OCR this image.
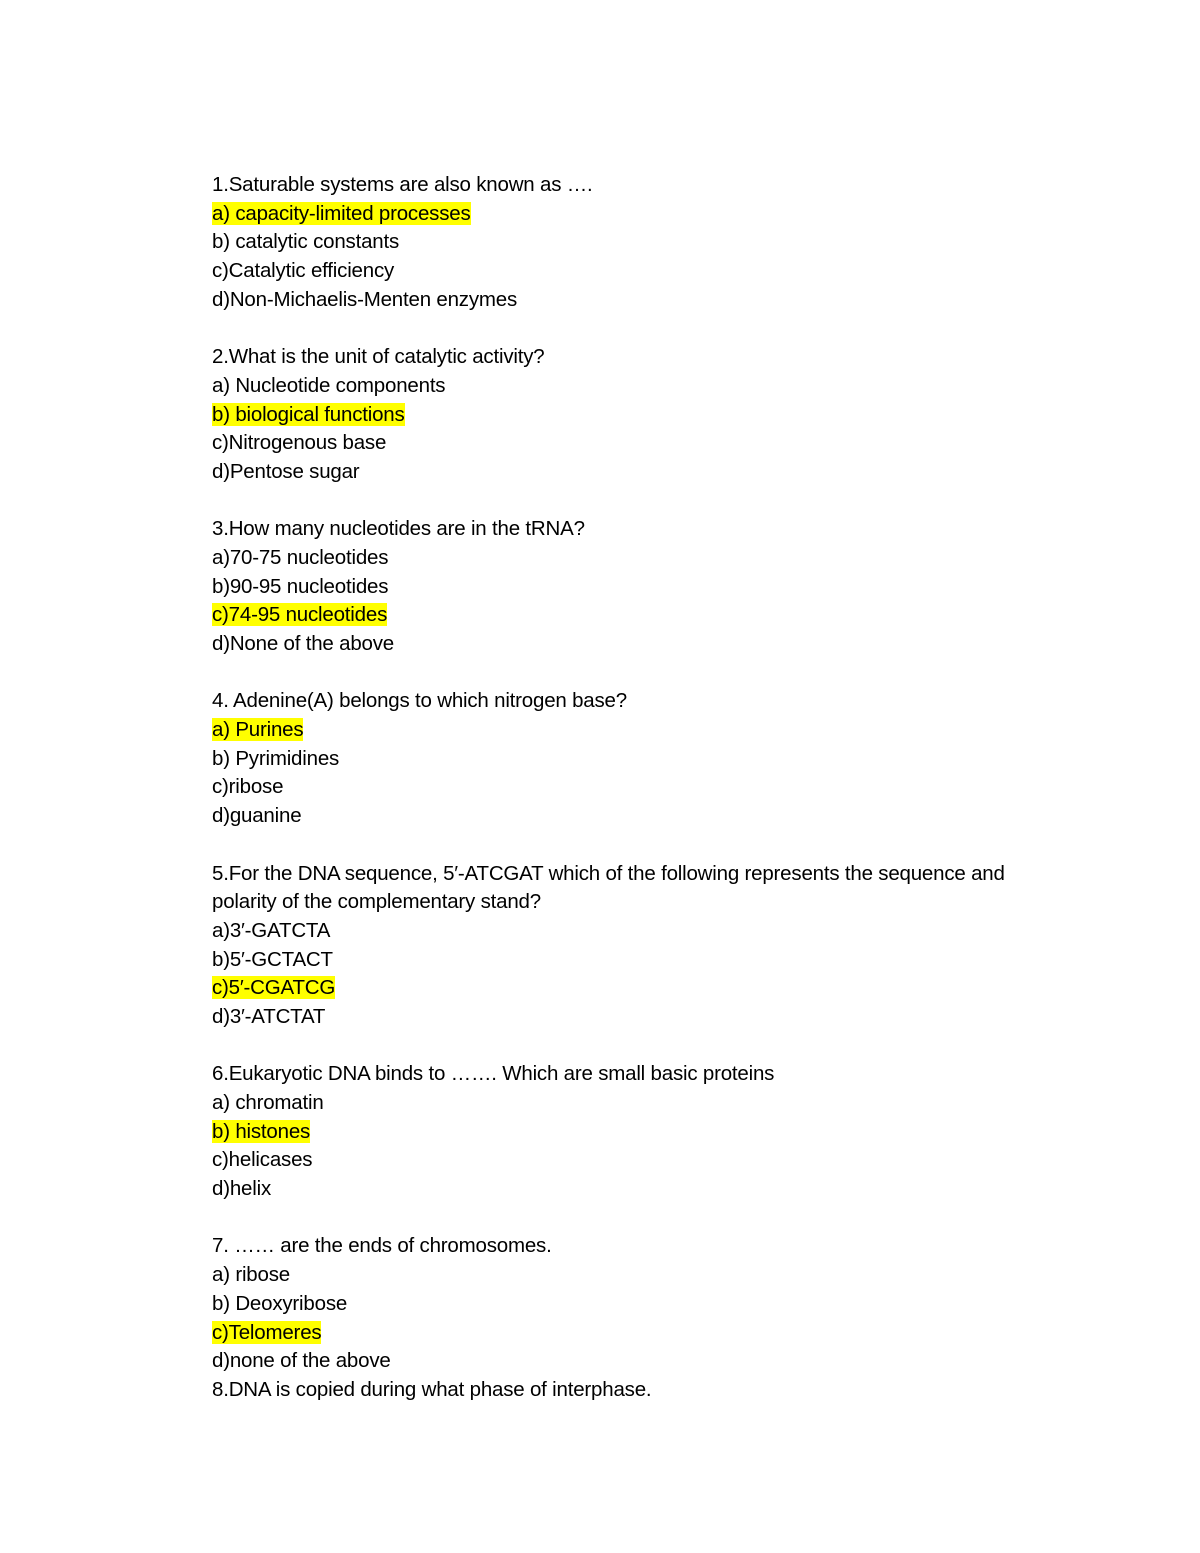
1.Saturable systems are also known as ….
a) capacity-limited processes
b) catalytic constants
c)Catalytic efficiency
d)Non-Michaelis-Menten enzymes
2.What is the unit of catalytic activity?
a) Nucleotide components
b) biological functions
c)Nitrogenous base
d)Pentose sugar
3.How many nucleotides are in the tRNA?
a)70-75 nucleotides
b)90-95 nucleotides
c)74-95 nucleotides
d)None of the above
4. Adenine(A) belongs to which nitrogen base?
a) Purines
b) Pyrimidines
c)ribose
d)guanine
5.For the DNA sequence, 5′-ATCGAT which of the following represents the sequence and polarity of the complementary stand?
a)3′-GATCTA
b)5′-GCTACT
c)5′-CGATCG
d)3′-ATCTAT
6.Eukaryotic DNA binds to ……. Which are small basic proteins
a) chromatin
b) histones
c)helicases
d)helix
7. …… are the ends of chromosomes.
a) ribose
b) Deoxyribose
c)Telomeres
d)none of the above
8.DNA is copied during what phase of interphase.
